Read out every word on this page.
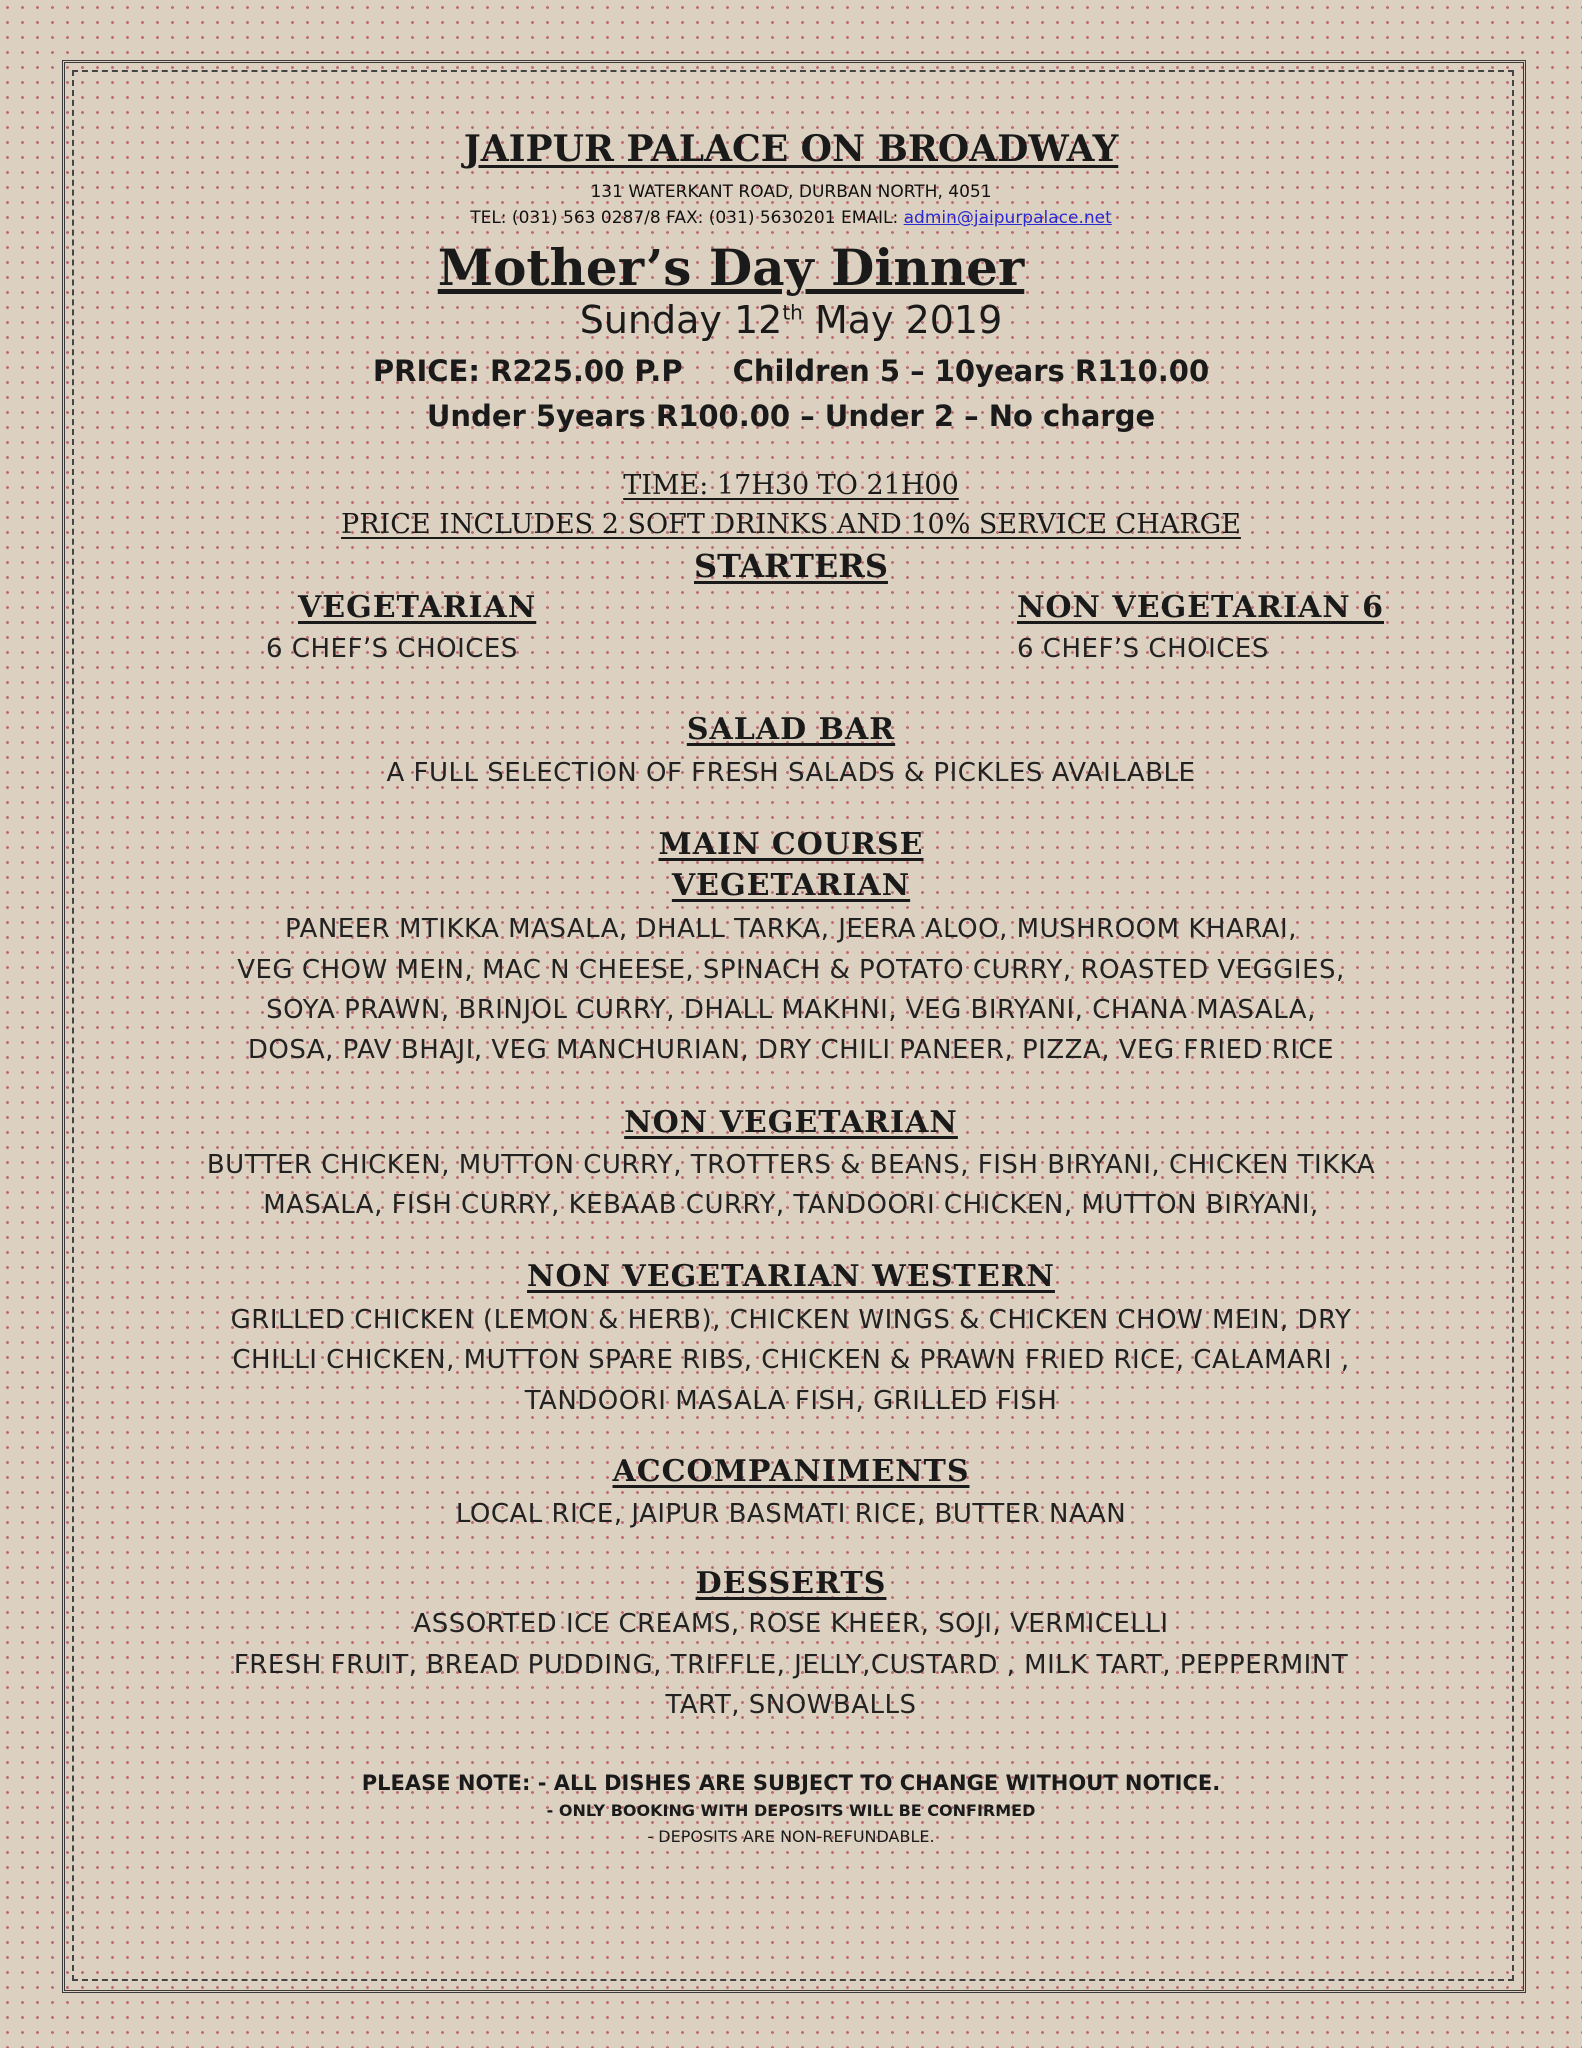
JAIPUR PALACE ON BROADWAY

131 WATERKANT ROAD, DURBAN NORTH, 4051

TEL: (031) 563 0287/8 FAX: (031) 5630201 EMAIL: admin@jaipurpalace.net

Mother’s Day Dinner

Sunday 12th May 2019

PRICE: R225.00 P.P Children 5 – 10years R110.00

Under 5years R100.00 – Under 2 – No charge

TIME: 17H30 TO 21H00

PRICE INCLUDES 2 SOFT DRINKS AND 10% SERVICE CHARGE

STARTERS

VEGETARIAN

6 CHEF’S CHOICES

NON VEGETARIAN 6

6 CHEF’S CHOICES

SALAD BAR

A FULL SELECTION OF FRESH SALADS & PICKLES AVAILABLE

MAIN COURSE
VEGETARIAN

PANEER MTIKKA MASALA, DHALL TARKA, JEERA ALOO, MUSHROOM KHARAI,

VEG CHOW MEIN, MAC N CHEESE, SPINACH & POTATO CURRY, ROASTED VEGGIES,

SOYA PRAWN, BRINJOL CURRY, DHALL MAKHNI, VEG BIRYANI, CHANA MASALA,

DOSA, PAV BHAJI, VEG MANCHURIAN, DRY CHILI PANEER, PIZZA, VEG FRIED RICE

NON VEGETARIAN

BUTTER CHICKEN, MUTTON CURRY, TROTTERS & BEANS, FISH BIRYANI, CHICKEN TIKKA

MASALA, FISH CURRY, KEBAAB CURRY, TANDOORI CHICKEN, MUTTON BIRYANI,

NON VEGETARIAN WESTERN

GRILLED CHICKEN (LEMON & HERB), CHICKEN WINGS & CHICKEN CHOW MEIN, DRY

CHILLI CHICKEN, MUTTON SPARE RIBS, CHICKEN & PRAWN FRIED RICE, CALAMARI ,

TANDOORI MASALA FISH, GRILLED FISH

ACCOMPANIMENTS

LOCAL RICE, JAIPUR BASMATI RICE, BUTTER NAAN

DESSERTS

ASSORTED ICE CREAMS, ROSE KHEER, SOJI, VERMICELLI

FRESH FRUIT, BREAD PUDDING, TRIFFLE, JELLY,CUSTARD , MILK TART, PEPPERMINT

TART, SNOWBALLS

PLEASE NOTE: - ALL DISHES ARE SUBJECT TO CHANGE WITHOUT NOTICE.

- ONLY BOOKING WITH DEPOSITS WILL BE CONFIRMED

- DEPOSITS ARE NON-REFUNDABLE.
